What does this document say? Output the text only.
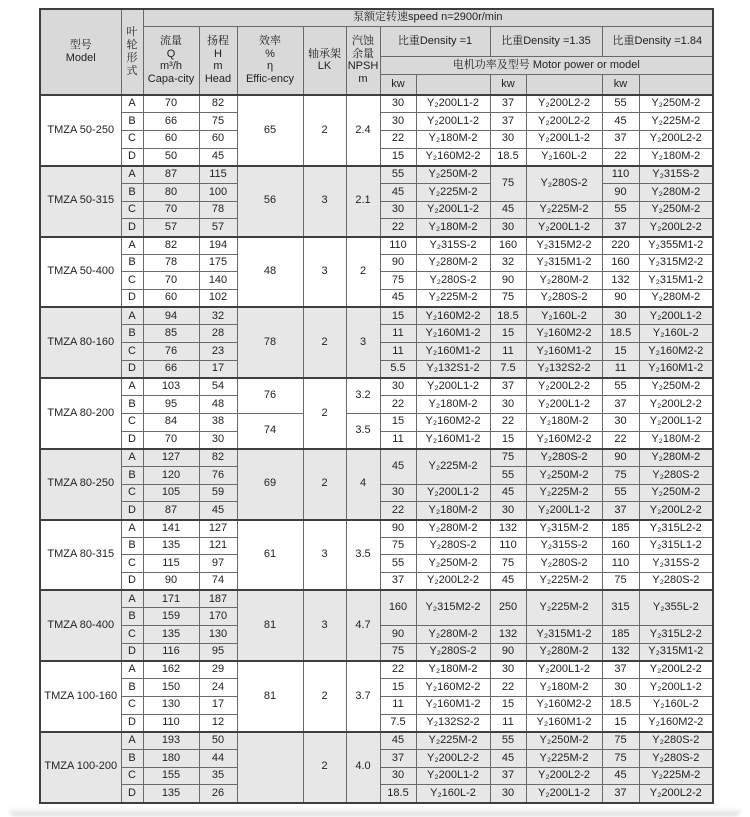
型号
Model	叶
轮
形
式	泵额定转速speed n=2900r/min										

		流量
Q
m³/h
Capa-city	扬程
H
m
Head	效率
%
η
Effic-ency	轴承架
LK	汽蚀
余量
NPSH
m	比重Density =1		比重Density =1.35		比重Density =1.84	
							电机功率及型号 Motor power or model					
							kw		kw		kw	
TMZA 50-250	A	70	82	65	2	2.4	30	Y₂200L1-2	37	Y₂200L2-2	55	Y₂250M-2
	B	66	75				30	Y₂200L1-2	37	Y₂200L2-2	45	Y₂225M-2
	C	60	60				22	Y₂180M-2	30	Y₂200L1-2	37	Y₂200L2-2
	D	50	45				15	Y₂160M2-2	18.5	Y₂160L-2	22	Y₂180M-2
TMZA 50-315	A	87	115	56	3	2.1	55	Y₂250M-2	75	Y₂280S-2	110	Y₂315S-2
	B	80	100				45	Y₂225M-2			90	Y₂280M-2
	C	70	78				30	Y₂200L1-2	45	Y₂225M-2	55	Y₂250M-2
	D	57	57				22	Y₂180M-2	30	Y₂200L1-2	37	Y₂200L2-2
TMZA 50-400	A	82	194	48	3	2	110	Y₂315S-2	160	Y₂315M2-2	220	Y₂355M1-2
	B	78	175				90	Y₂280M-2	32	Y₂315M1-2	160	Y₂315M2-2
	C	70	140				75	Y₂280S-2	90	Y₂280M-2	132	Y₂315M1-2
	D	60	102				45	Y₂225M-2	75	Y₂280S-2	90	Y₂280M-2
TMZA 80-160	A	94	32	78	2	3	15	Y₂160M2-2	18.5	Y₂160L-2	30	Y₂200L1-2
	B	85	28				11	Y₂160M1-2	15	Y₂160M2-2	18.5	Y₂160L-2
	C	76	23				11	Y₂160M1-2	11	Y₂160M1-2	15	Y₂160M2-2
	D	66	17				5.5	Y₂132S1-2	7.5	Y₂132S2-2	11	Y₂160M1-2
TMZA 80-200	A	103	54	76	2	3.2	30	Y₂200L1-2	37	Y₂200L2-2	55	Y₂250M-2
	B	95	48				22	Y₂180M-2	30	Y₂200L1-2	37	Y₂200L2-2
	C	84	38	74		3.5	15	Y₂160M2-2	22	Y₂180M-2	30	Y₂200L1-2
	D	70	30				11	Y₂160M1-2	15	Y₂160M2-2	22	Y₂180M-2
TMZA 80-250	A	127	82	69	2	4	45	Y₂225M-2	75	Y₂280S-2	90	Y₂280M-2
	B	120	76						55	Y₂250M-2	75	Y₂280S-2
	C	105	59				30	Y₂200L1-2	45	Y₂225M-2	55	Y₂250M-2
	D	87	45				22	Y₂180M-2	30	Y₂200L1-2	37	Y₂200L2-2
TMZA 80-315	A	141	127	61	3	3.5	90	Y₂280M-2	132	Y₂315M-2	185	Y₂315L2-2
	B	135	121				75	Y₂280S-2	110	Y₂315S-2	160	Y₂315L1-2
	C	115	97				55	Y₂250M-2	75	Y₂280S-2	110	Y₂315S-2
	D	90	74				37	Y₂200L2-2	45	Y₂225M-2	75	Y₂280S-2
TMZA 80-400	A	171	187	81	3	4.7	160	Y₂315M2-2	250	Y₂225M-2	315	Y₂355L-2
	B	159	170									
	C	135	130				90	Y₂280M-2	132	Y₂315M1-2	185	Y₂315L2-2
	D	116	95				75	Y₂280S-2	90	Y₂280M-2	132	Y₂315M1-2
TMZA 100-160	A	162	29	81	2	3.7	22	Y₂180M-2	30	Y₂200L1-2	37	Y₂200L2-2
	B	150	24				15	Y₂160M2-2	22	Y₂180M-2	30	Y₂200L1-2
	C	130	17				11	Y₂160M1-2	15	Y₂160M2-2	18.5	Y₂160L-2
	D	110	12				7.5	Y₂132S2-2	11	Y₂160M1-2	15	Y₂160M2-2
TMZA 100-200	A	193	50		2	4.0	45	Y₂225M-2	55	Y₂250M-2	75	Y₂280S-2
	B	180	44				37	Y₂200L2-2	45	Y₂225M-2	75	Y₂280S-2
	C	155	35				30	Y₂200L1-2	37	Y₂200L2-2	45	Y₂225M-2
	D	135	26				18.5	Y₂160L-2	30	Y₂200L1-2	37	Y₂200L2-2
